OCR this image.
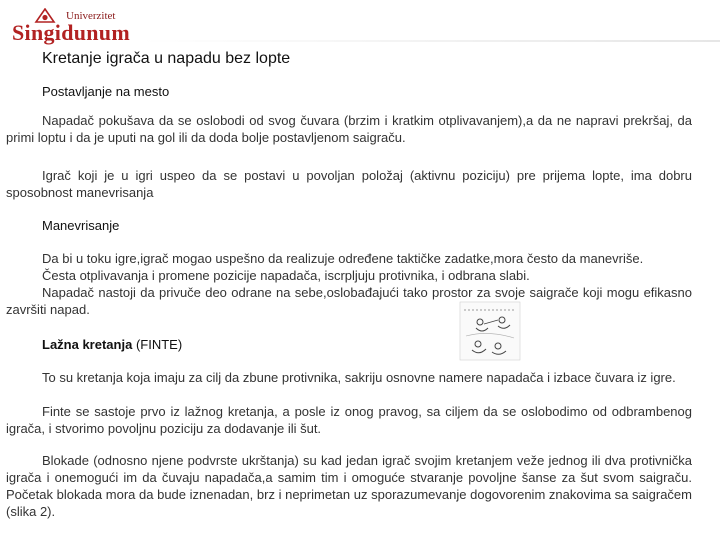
Univerzitet
Singidunum
Kretanje igrača u napadu bez lopte
Postavljanje na mesto

Napadač pokušava da se oslobodi od svog čuvara (brzim i kratkim otplivavanjem),a da ne napravi prekršaj, da primi loptu i da je uputi na gol ili da doda bolje postavljenom saigraču.

Igrač koji je u igri uspeo da se postavi u povoljan položaj (aktivnu poziciju) pre prijema lopte, ima dobru sposobnost manevrisanja

Manevrisanje
Da bi u toku igre,igrač mogao uspešno da realizuje određene taktičke zadatke,mora često da manevriše.
Česta otplivavanja i promene pozicije napadača, iscrpljuju protivnika, i odbrana slabi.
Napadač nastoji da privuče deo odrane na sebe,oslobađajući tako prostor za svoje saigrače koji mogu efikasno završiti napad.
Lažna kretanja (FINTE)

To su kretanja koja imaju za cilj da zbune protivnika, sakriju osnovne namere napadača i izbace čuvara iz igre.

Finte se sastoje prvo iz lažnog kretanja, a posle iz onog pravog, sa ciljem da se oslobodimo od odbrambenog igrača, i stvorimo povoljnu poziciju za dodavanje ili šut.

Blokade (odnosno njene podvrste ukrštanja) su kad jedan igrač svojim kretanjem veže jednog ili dva protivnička igrača i onemogući im da čuvaju napadača,a samim tim i omoguće stvaranje povoljne šanse za šut svom saigraču. Početak blokada mora da bude iznenadan, brz i neprimetan uz sporazumevanje dogovorenim znakovima sa saigračem (slika 2).
